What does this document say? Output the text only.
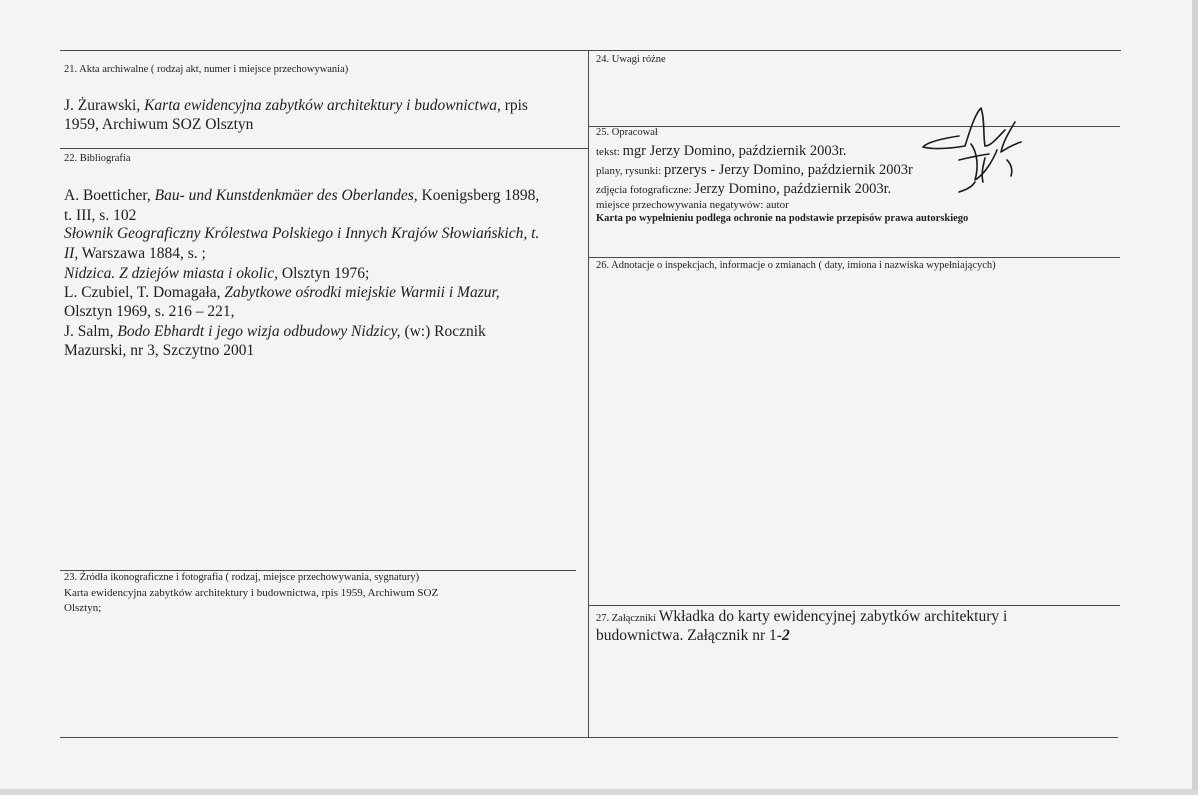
21. Akta archiwalne ( rodzaj akt, numer i miejsce przechowywania)
J. Żurawski, Karta ewidencyjna zabytków architektury i budownictwa, rpis
1959, Archiwum SOZ Olsztyn
22. Bibliografia
A. Boetticher, Bau- und Kunstdenkmäer des Oberlandes, Koenigsberg 1898,
t. III, s. 102
Słownik Geograficzny Królestwa Polskiego i Innych Krajów Słowiańskich, t.
II, Warszawa 1884, s. ;
Nidzica. Z dziejów miasta i okolic, Olsztyn 1976;
L. Czubiel, T. Domagała, Zabytkowe ośrodki miejskie Warmii i Mazur,
Olsztyn 1969, s. 216 – 221,
J. Salm, Bodo Ebhardt i jego wizja odbudowy Nidzicy, (w:) Rocznik
Mazurski, nr 3, Szczytno 2001
23. Źródła ikonograficzne i fotografia ( rodzaj, miejsce przechowywania, sygnatury)
Karta ewidencyjna zabytków architektury i budownictwa, rpis 1959, Archiwum SOZ
Olsztyn;
24. Uwagi różne
25. Opracował
tekst: mgr Jerzy Domino, październik 2003r.
plany, rysunki: przerys - Jerzy Domino, październik 2003r
zdjęcia fotograficzne: Jerzy Domino, październik 2003r.
miejsce przechowywania negatywów: autor
Karta po wypełnieniu podlega ochronie na podstawie przepisów prawa autorskiego
26. Adnotacje o inspekcjach, informacje o zmianach ( daty, imiona i nazwiska wypełniających)
27. Załączniki Wkładka do karty ewidencyjnej zabytków architektury i
budownictwa. Załącznik nr 1-2
